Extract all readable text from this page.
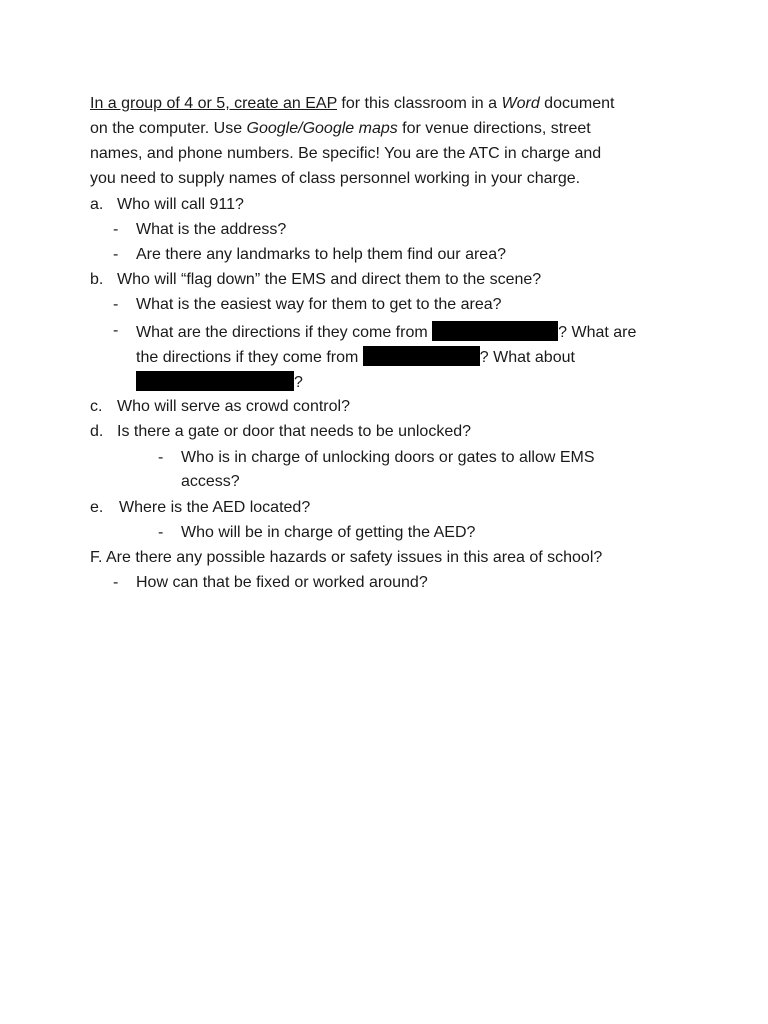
In a group of 4 or 5, create an EAP for this classroom in a Word document
on the computer. Use Google/Google maps for venue directions, street
names, and phone numbers. Be specific! You are the ATC in charge and
you need to supply names of class personnel working in your charge.
a. Who will call 911?
- What is the address?
- Are there any landmarks to help them find our area?
b. Who will “flag down” the EMS and direct them to the scene?
- What is the easiest way for them to get to the area?
- What are the directions if they come from	? What are
the directions if they come from	? What about
?
c. Who will serve as crowd control?
d. Is there a gate or door that needs to be unlocked?
- Who is in charge of unlocking doors or gates to allow EMS
access?
e. Where is the AED located?
- Who will be in charge of getting the AED?
F. Are there any possible hazards or safety issues in this area of school?
- How can that be fixed or worked around?
